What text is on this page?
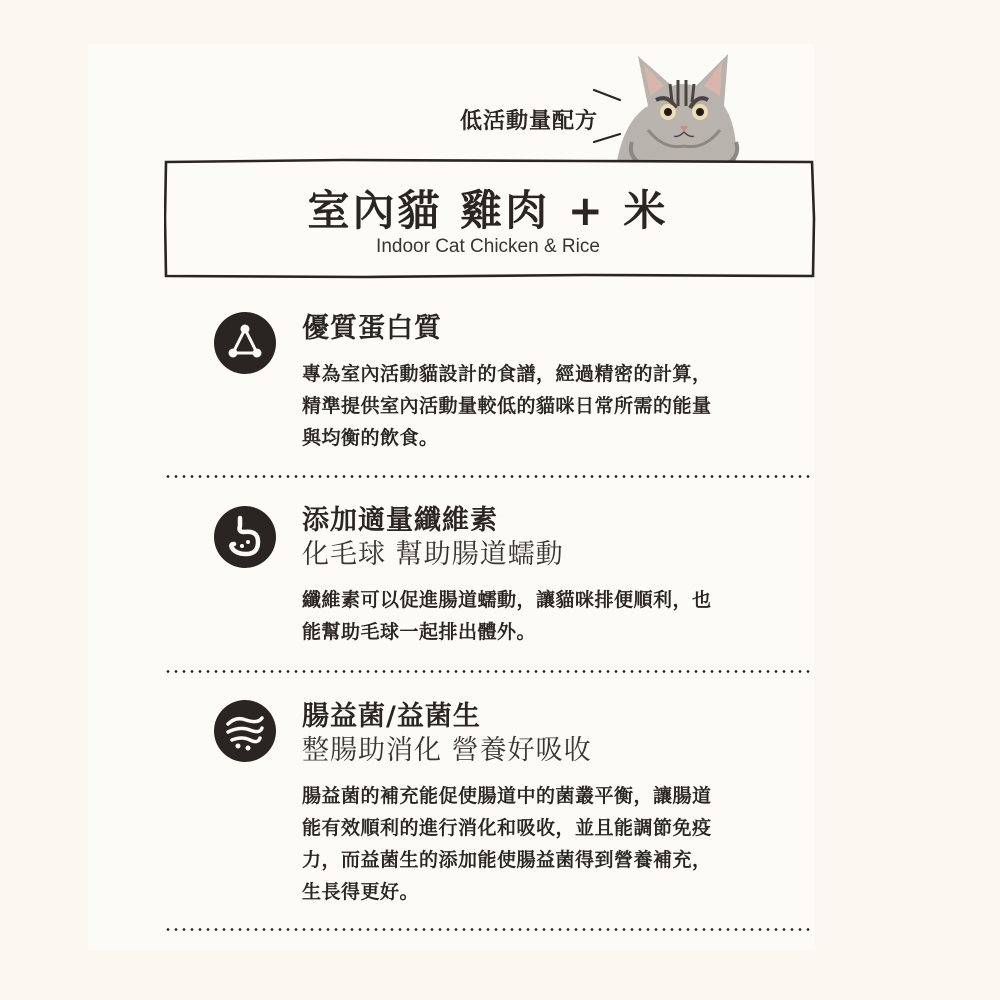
低活動量配方
室內貓 雞肉 + 米
Indoor Cat Chicken & Rice
優質蛋白質
專為室內活動貓設計的食譜，經過精密的計算，
精準提供室內活動量較低的貓咪日常所需的能量
與均衡的飲食。
添加適量纖維素
化毛球 幫助腸道蠕動
纖維素可以促進腸道蠕動，讓貓咪排便順利，也
能幫助毛球一起排出體外。
腸益菌/益菌生
整腸助消化 營養好吸收
腸益菌的補充能促使腸道中的菌叢平衡，讓腸道
能有效順利的進行消化和吸收，並且能調節免疫
力，而益菌生的添加能使腸益菌得到營養補充，
生長得更好。
